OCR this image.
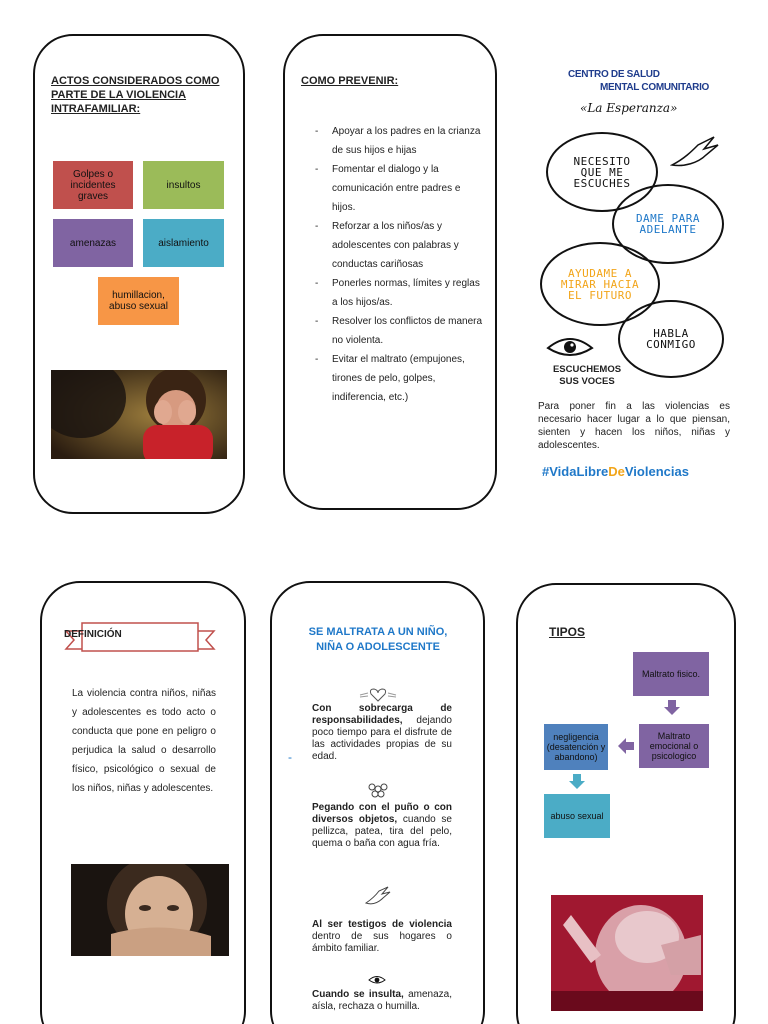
ACTOS CONSIDERADOS COMO PARTE DE LA VIOLENCIA INTRAFAMILIAR:
Golpes o incidentes graves
insultos
amenazas	aislamiento
humillacion, abuso sexual
COMO PREVENIR:
- Apoyar a los padres en la crianza de sus hijos e hijas
- Fomentar el dialogo y la comunicación entre padres e hijos.
- Reforzar a los niños/as y adolescentes con palabras y conductas cariñosas
- Ponerles normas, límites y reglas a los hijos/as.
- Resolver los conflictos de manera no violenta.
- Evitar el maltrato (empujones, tirones de pelo, golpes, indiferencia, etc.)
CENTRO DE SALUD
MENTAL COMUNITARIO
«La Esperanza»
NECESITO QUE ME ESCUCHES
DAME PARA ADELANTE
AYUDAME A MIRAR HACIA EL FUTURO
HABLA CONMIGO
ESCUCHEMOS SUS VOCES
Para poner fin a las violencias es necesario hacer lugar a lo que piensan, sienten y hacen los niños, niñas y adolescentes.
#VidaLibreDeViolencias
DEFINICIÓN
La violencia contra niños, niñas y adolescentes es todo acto o conducta que pone en peligro o perjudica la salud o desarrollo físico, psicológico o sexual de los niños, niñas y adolescentes.
SE MALTRATA A UN NIÑO, NIÑA O ADOLESCENTE
-
Con sobrecarga de responsabilidades, dejando poco tiempo para el disfrute de las actividades propias de su edad.
Pegando con el puño o con diversos objetos, cuando se pellizca, patea, tira del pelo, quema o baña con agua fría.
Al ser testigos de violencia dentro de sus hogares o ámbito familiar.
Cuando se insulta, amenaza, aísla, rechaza o humilla.
TIPOS
Maltrato fisico.
Maltrato emocional o psicologico
negligencia (desatención y abandono)
abuso sexual
